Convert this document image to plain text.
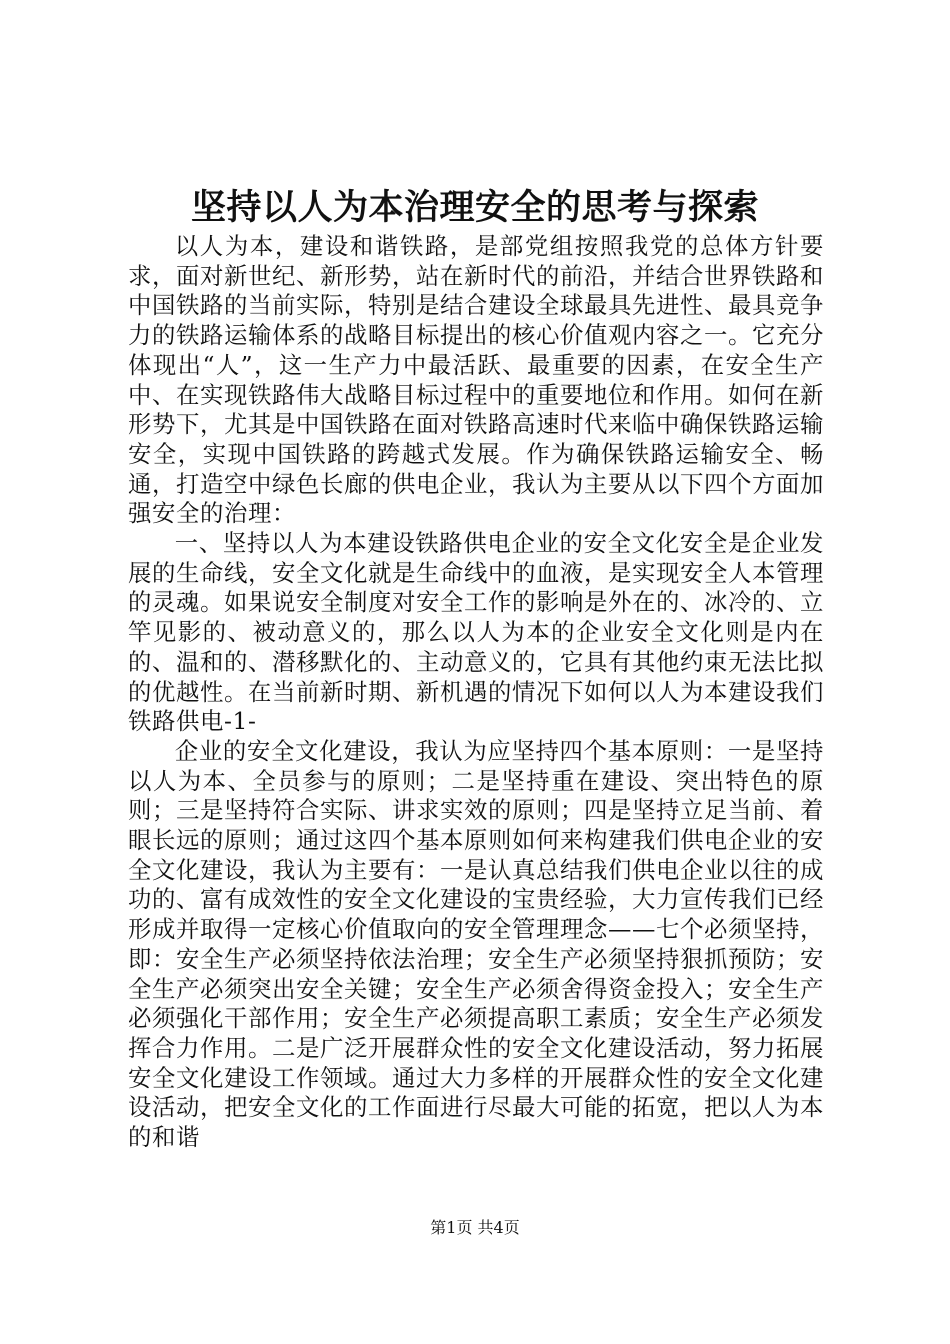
坚持以人为本治理安全的思考与探索

以人为本，建设和谐铁路，是部党组按照我党的总体方针要求，面对新世纪、新形势，站在新时代的前沿，并结合世界铁路和中国铁路的当前实际，特别是结合建设全球最具先进性、最具竞争力的铁路运输体系的战略目标提出的核心价值观内容之一。它充分体现出“人”，这一生产力中最活跃、最重要的因素，在安全生产中、在实现铁路伟大战略目标过程中的重要地位和作用。如何在新形势下，尤其是中国铁路在面对铁路高速时代来临中确保铁路运输安全，实现中国铁路的跨越式发展。作为确保铁路运输安全、畅通，打造空中绿色长廊的供电企业，我认为主要从以下四个方面加强安全的治理：

一、坚持以人为本建设铁路供电企业的安全文化安全是企业发展的生命线，安全文化就是生命线中的血液，是实现安全人本管理的灵魂。如果说安全制度对安全工作的影响是外在的、冰冷的、立竿见影的、被动意义的，那么以人为本的企业安全文化则是内在的、温和的、潜移默化的、主动意义的，它具有其他约束无法比拟的优越性。在当前新时期、新机遇的情况下如何以人为本建设我们铁路供电-1-

企业的安全文化建设，我认为应坚持四个基本原则：一是坚持以人为本、全员参与的原则；二是坚持重在建设、突出特色的原则；三是坚持符合实际、讲求实效的原则；四是坚持立足当前、着眼长远的原则；通过这四个基本原则如何来构建我们供电企业的安全文化建设，我认为主要有：一是认真总结我们供电企业以往的成功的、富有成效性的安全文化建设的宝贵经验，大力宣传我们已经形成并取得一定核心价值取向的安全管理理念——七个必须坚持，即：安全生产必须坚持依法治理；安全生产必须坚持狠抓预防；安全生产必须突出安全关键；安全生产必须舍得资金投入；安全生产必须强化干部作用；安全生产必须提高职工素质；安全生产必须发挥合力作用。二是广泛开展群众性的安全文化建设活动，努力拓展安全文化建设工作领域。通过大力多样的开展群众性的安全文化建设活动，把安全文化的工作面进行尽最大可能的拓宽，把以人为本的和谐

第1页 共4页
